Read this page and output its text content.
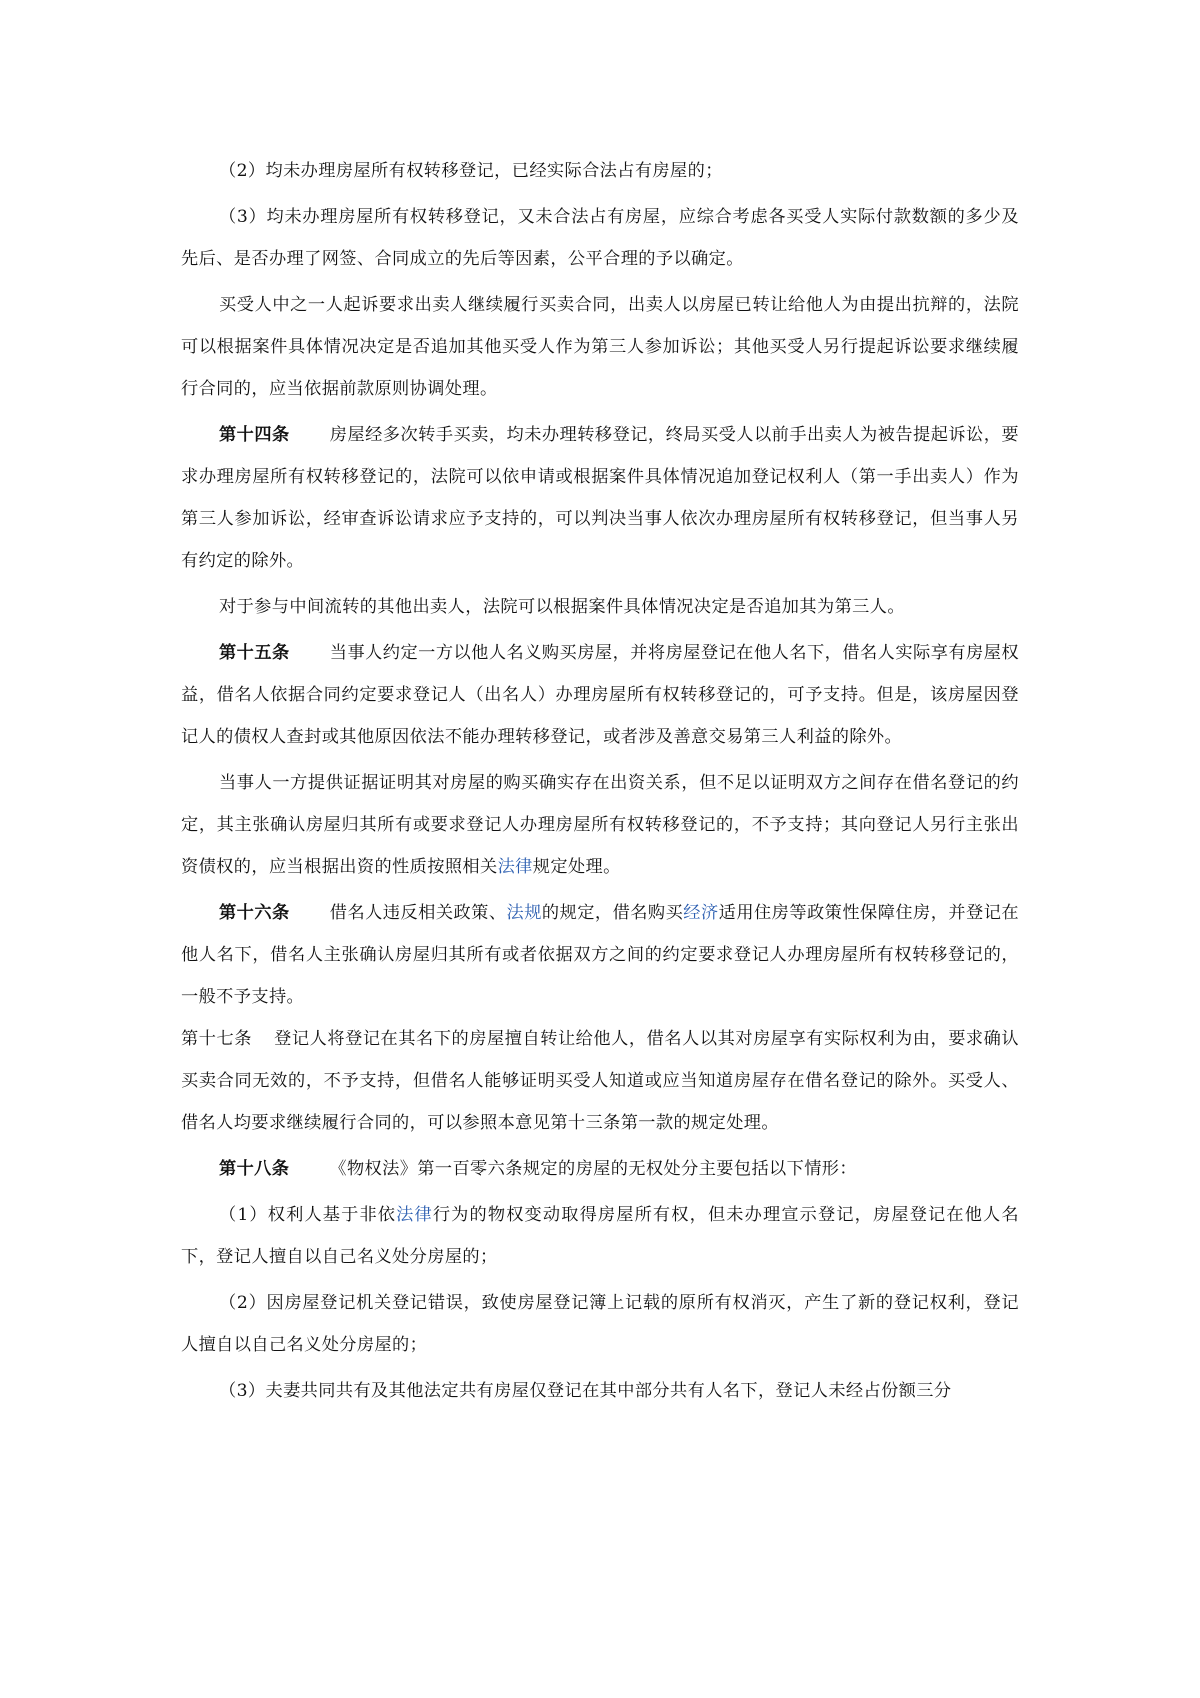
（2）均未办理房屋所有权转移登记，已经实际合法占有房屋的；

（3）均未办理房屋所有权转移登记，又未合法占有房屋，应综合考虑各买受人实际付款数额的多少及先后、是否办理了网签、合同成立的先后等因素，公平合理的予以确定。

买受人中之一人起诉要求出卖人继续履行买卖合同，出卖人以房屋已转让给他人为由提出抗辩的，法院可以根据案件具体情况决定是否追加其他买受人作为第三人参加诉讼；其他买受人另行提起诉讼要求继续履行合同的，应当依据前款原则协调处理。

第十四条 房屋经多次转手买卖，均未办理转移登记，终局买受人以前手出卖人为被告提起诉讼，要求办理房屋所有权转移登记的，法院可以依申请或根据案件具体情况追加登记权利人（第一手出卖人）作为第三人参加诉讼，经审查诉讼请求应予支持的，可以判决当事人依次办理房屋所有权转移登记，但当事人另有约定的除外。

对于参与中间流转的其他出卖人，法院可以根据案件具体情况决定是否追加其为第三人。

第十五条 当事人约定一方以他人名义购买房屋，并将房屋登记在他人名下，借名人实际享有房屋权益，借名人依据合同约定要求登记人（出名人）办理房屋所有权转移登记的，可予支持。但是，该房屋因登记人的债权人查封或其他原因依法不能办理转移登记，或者涉及善意交易第三人利益的除外。

当事人一方提供证据证明其对房屋的购买确实存在出资关系，但不足以证明双方之间存在借名登记的约定，其主张确认房屋归其所有或要求登记人办理房屋所有权转移登记的，不予支持；其向登记人另行主张出资债权的，应当根据出资的性质按照相关法律规定处理。

第十六条 借名人违反相关政策、法规的规定，借名购买经济适用住房等政策性保障住房，并登记在他人名下，借名人主张确认房屋归其所有或者依据双方之间的约定要求登记人办理房屋所有权转移登记的，一般不予支持。

第十七条 登记人将登记在其名下的房屋擅自转让给他人，借名人以其对房屋享有实际权利为由，要求确认买卖合同无效的，不予支持，但借名人能够证明买受人知道或应当知道房屋存在借名登记的除外。买受人、借名人均要求继续履行合同的，可以参照本意见第十三条第一款的规定处理。

第十八条 《物权法》第一百零六条规定的房屋的无权处分主要包括以下情形：

（1）权利人基于非依法律行为的物权变动取得房屋所有权，但未办理宣示登记，房屋登记在他人名下，登记人擅自以自己名义处分房屋的；

（2）因房屋登记机关登记错误，致使房屋登记簿上记载的原所有权消灭，产生了新的登记权利，登记人擅自以自己名义处分房屋的；

（3）夫妻共同共有及其他法定共有房屋仅登记在其中部分共有人名下，登记人未经占份额三分
